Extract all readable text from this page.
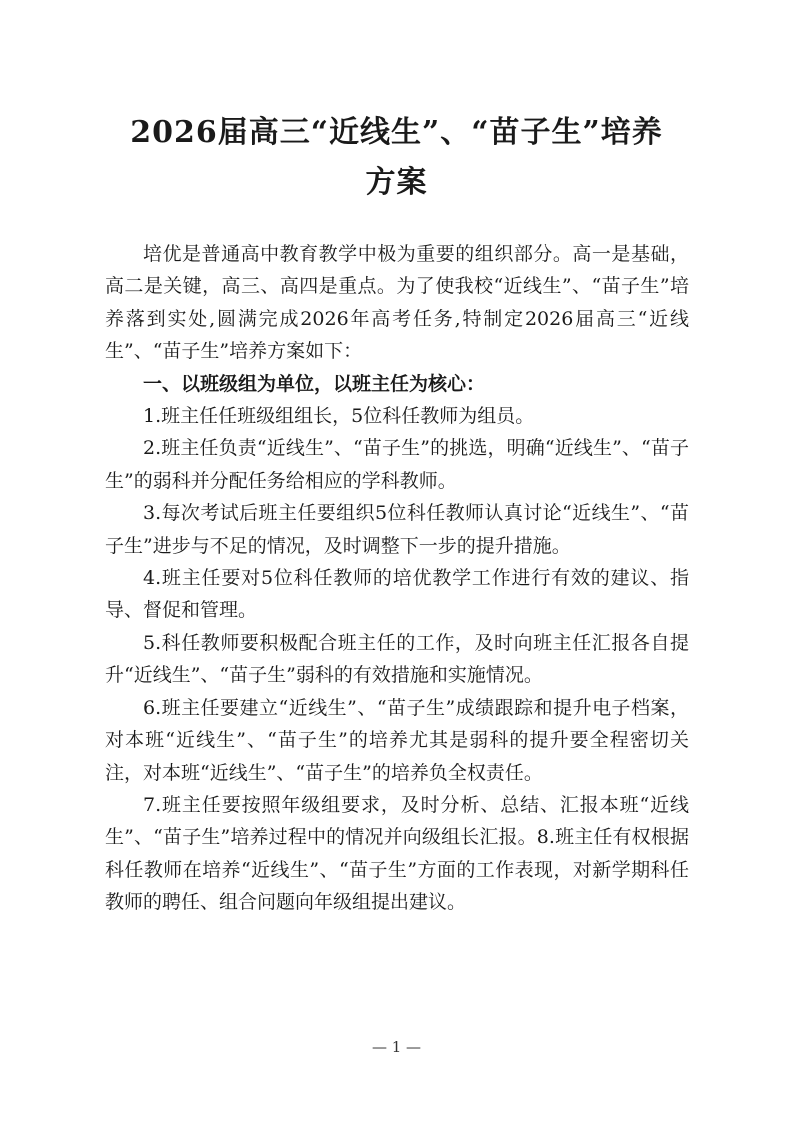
2026届高三“近线生”、“苗子生”培养
方案

培优是普通高中教育教学中极为重要的组织部分。高一是基础，高二是关键，高三、高四是重点。为了使我校“近线生”、“苗子生”培养落到实处,圆满完成2026年高考任务,特制定2026届高三“近线生”、“苗子生”培养方案如下：

一、以班级组为单位，以班主任为核心：

1.班主任任班级组组长，5位科任教师为组员。

2.班主任负责“近线生”、“苗子生”的挑选，明确“近线生”、“苗子生”的弱科并分配任务给相应的学科教师。

3.每次考试后班主任要组织5位科任教师认真讨论“近线生”、“苗子生”进步与不足的情况，及时调整下一步的提升措施。

4.班主任要对5位科任教师的培优教学工作进行有效的建议、指导、督促和管理。

5.科任教师要积极配合班主任的工作，及时向班主任汇报各自提升“近线生”、“苗子生”弱科的有效措施和实施情况。

6.班主任要建立“近线生”、“苗子生”成绩跟踪和提升电子档案，对本班“近线生”、“苗子生”的培养尤其是弱科的提升要全程密切关注，对本班“近线生”、“苗子生”的培养负全权责任。

7.班主任要按照年级组要求，及时分析、总结、汇报本班“近线生”、“苗子生”培养过程中的情况并向级组长汇报。8.班主任有权根据科任教师在培养“近线生”、“苗子生”方面的工作表现，对新学期科任教师的聘任、组合问题向年级组提出建议。

— 1 —
